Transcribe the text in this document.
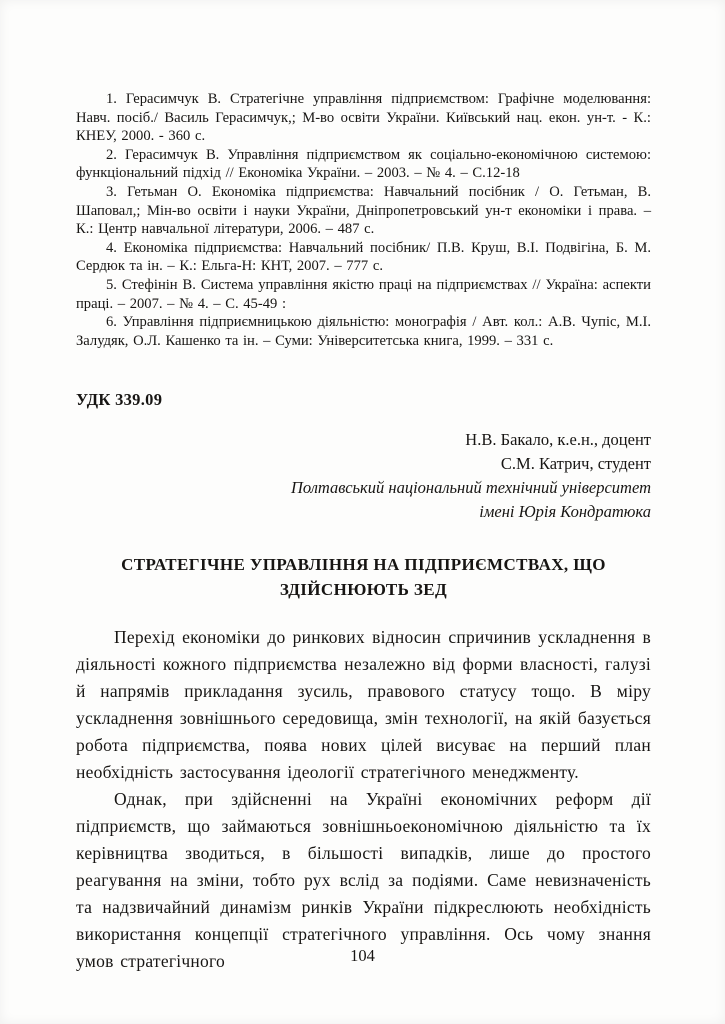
1. Герасимчук В. Стратегічне управління підприємством: Графічне моделювання: Навч. посіб./ Василь Герасимчук,; М-во освіти України. Київський нац. екон. ун-т. - К.: КНЕУ, 2000. - 360 с.

2. Герасимчук В. Управління підприємством як соціально-економічною системою: функціональний підхід // Економіка України. – 2003. – № 4. – С.12-18

3. Гетьман О. Економіка підприємства: Навчальний посібник / О. Гетьман, В. Шаповал,; Мін-во освіти і науки України, Дніпропетровський ун-т економіки і права. – К.: Центр навчальної літератури, 2006. – 487 с.

4. Економіка підприємства: Навчальний посібник/ П.В. Круш, В.І. Подвігіна, Б. М. Сердюк та ін. – К.: Ельга-Н: КНТ, 2007. – 777 с.

5. Стефінін В. Система управління якістю праці на підприємствах // Україна: аспекти праці. – 2007. – № 4. – С. 45-49 :

6. Управління підприємницькою діяльністю: монографія / Авт. кол.: А.В. Чупіс, М.І. Залудяк, О.Л. Кашенко та ін. – Суми: Університетська книга, 1999. – 331 с.

УДК 339.09
Н.В. Бакало, к.е.н., доцент
С.М. Катрич, студент
Полтавський національний технічний університет
імені Юрія Кондратюка
СТРАТЕГІЧНЕ УПРАВЛІННЯ НА ПІДПРИЄМСТВАХ, ЩО ЗДІЙСНЮЮТЬ ЗЕД

Перехід економіки до ринкових відносин спричинив ускладнення в діяльності кожного підприємства незалежно від форми власності, галузі й напрямів прикладання зусиль, правового статусу тощо. В міру ускладнення зовнішнього середовища, змін технології, на якій базується робота підприємства, поява нових цілей висуває на перший план необхідність застосування ідеології стратегічного менеджменту.

Однак, при здійсненні на Україні економічних реформ дії підприємств, що займаються зовнішньоекономічною діяльністю та їх керівництва зводиться, в більшості випадків, лише до простого реагування на зміни, тобто рух вслід за подіями. Саме невизначеність та надзвичайний динамізм ринків України підкреслюють необхідність використання концепції стратегічного управління. Ось чому знання умов стратегічного	104
